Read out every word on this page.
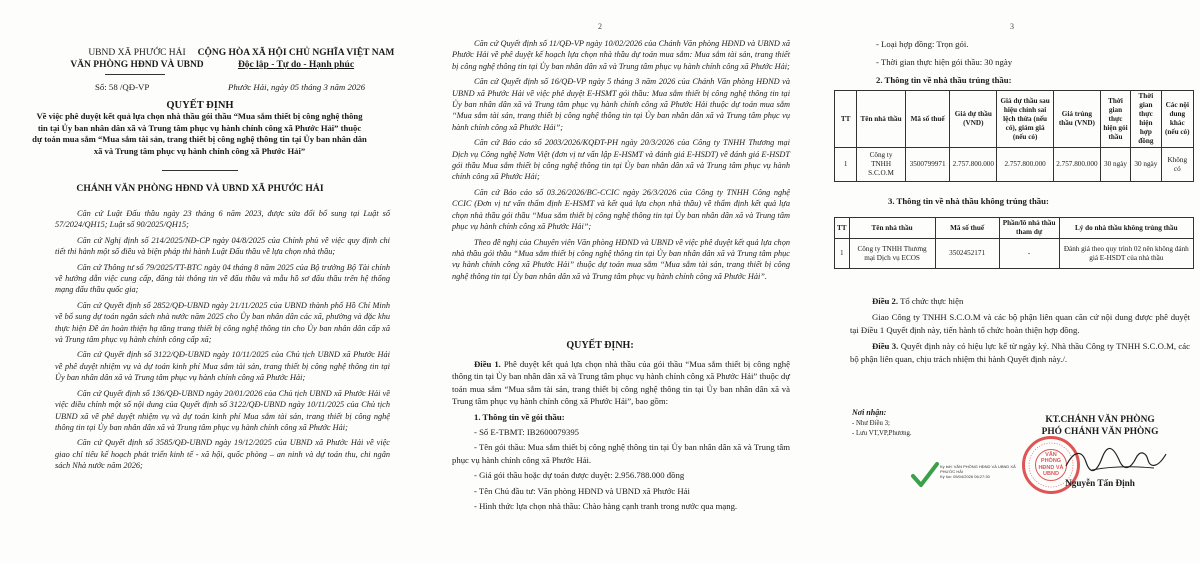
UBND XÃ PHƯỚC HẢI
VĂN PHÒNG HĐND VÀ UBND
CỘNG HÒA XÃ HỘI CHỦ NGHĨA VIỆT NAM
Độc lập - Tự do - Hạnh phúc
Số: 58 /QĐ-VP	Phước Hải, ngày 05 tháng 3 năm 2026
QUYẾT ĐỊNH
Về việc phê duyệt kết quả lựa chọn nhà thầu gói thầu “Mua sắm thiết bị công nghệ thông tin tại Ủy ban nhân dân xã và Trung tâm phục vụ hành chính công xã Phước Hải” thuộc dự toán mua sắm “Mua sắm tài sản, trang thiết bị công nghệ thông tin tại Ủy ban nhân dân xã và Trung tâm phục vụ hành chính công xã Phước Hải”
CHÁNH VĂN PHÒNG HĐND VÀ UBND XÃ PHƯỚC HẢI

Căn cứ Luật Đấu thầu ngày 23 tháng 6 năm 2023, được sửa đổi bổ sung tại Luật số 57/2024/QH15; Luật số 90/2025/QH15;

Căn cứ Nghị định số 214/2025/NĐ-CP ngày 04/8/2025 của Chính phủ về việc quy định chi tiết thi hành một số điều và biện pháp thi hành Luật Đấu thầu về lựa chọn nhà thầu;

Căn cứ Thông tư số 79/2025/TT-BTC ngày 04 tháng 8 năm 2025 của Bộ trưởng Bộ Tài chính về hướng dẫn việc cung cấp, đăng tải thông tin về đấu thầu và mẫu hồ sơ đấu thầu trên hệ thống mạng đấu thầu quốc gia;

Căn cứ Quyết định số 2852/QĐ-UBND ngày 21/11/2025 của UBND thành phố Hồ Chí Minh về bổ sung dự toán ngân sách nhà nước năm 2025 cho Ủy ban nhân dân các xã, phường và đặc khu thực hiện Đề án hoàn thiện hạ tầng trang thiết bị công nghệ thông tin cho Ủy ban nhân dân cấp xã và Trung tâm phục vụ hành chính công cấp xã;

Căn cứ Quyết định số 3122/QĐ-UBND ngày 10/11/2025 của Chủ tịch UBND xã Phước Hải về phê duyệt nhiệm vụ và dự toán kinh phí Mua sắm tài sản, trang thiết bị công nghệ thông tin tại Ủy ban nhân dân xã và Trung tâm phục vụ hành chính công xã Phước Hải;

Căn cứ Quyết định số 136/QĐ-UBND ngày 20/01/2026 của Chủ tịch UBND xã Phước Hải về việc điều chỉnh một số nội dung của Quyết định số 3122/QĐ-UBND ngày 10/11/2025 của Chủ tịch UBND xã về phê duyệt nhiệm vụ và dự toán kinh phí Mua sắm tài sản, trang thiết bị công nghệ thông tin tại Ủy ban nhân dân xã và Trung tâm phục vụ hành chính công xã Phước Hải;

Căn cứ Quyết định số 3585/QĐ-UBND ngày 19/12/2025 của UBND xã Phước Hải về việc giao chỉ tiêu kế hoạch phát triển kinh tế - xã hội, quốc phòng – an ninh và dự toán thu, chi ngân sách Nhà nước năm 2026;

2

Căn cứ Quyết định số 11/QĐ-VP ngày 10/02/2026 của Chánh Văn phòng HĐND và UBND xã Phước Hải về phê duyệt kế hoạch lựa chọn nhà thầu dự toán mua sắm: Mua sắm tài sản, trang thiết bị công nghệ thông tin tại Ủy ban nhân dân xã và Trung tâm phục vụ hành chính công xã Phước Hải;

Căn cứ Quyết định số 16/QĐ-VP ngày 5 tháng 3 năm 2026 của Chánh Văn phòng HĐND và UBND xã Phước Hải về việc phê duyệt E-HSMT gói thầu: Mua sắm thiết bị công nghệ thông tin tại Ủy ban nhân dân xã và Trung tâm phục vụ hành chính công xã Phước Hải thuộc dự toán mua sắm “Mua sắm tài sản, trang thiết bị công nghệ thông tin tại Ủy ban nhân dân xã và Trung tâm phục vụ hành chính công xã Phước Hải”;

Căn cứ Báo cáo số 2003/2026/KQĐT-PH ngày 20/3/2026 của Công ty TNHH Thương mại Dịch vụ Công nghệ Nơm Việt (đơn vị tư vấn lập E-HSMT và đánh giá E-HSDT) về đánh giá E-HSDT gói thầu Mua sắm thiết bị công nghệ thông tin tại Ủy ban nhân dân xã và Trung tâm phục vụ hành chính công xã Phước Hải;

Căn cứ Báo cáo số 03.26/2026/BC-CCIC ngày 26/3/2026 của Công ty TNHH Công nghệ CCIC (Đơn vị tư vấn thẩm định E-HSMT và kết quả lựa chọn nhà thầu) về thẩm định kết quả lựa chọn nhà thầu gói thầu “Mua sắm thiết bị công nghệ thông tin tại Ủy ban nhân dân xã và Trung tâm phục vụ hành chính công xã Phước Hải”;

Theo đề nghị của Chuyên viên Văn phòng HĐND và UBND về việc phê duyệt kết quả lựa chọn nhà thầu gói thầu “Mua sắm thiết bị công nghệ thông tin tại Ủy ban nhân dân xã và Trung tâm phục vụ hành chính công xã Phước Hải” thuộc dự toán mua sắm “Mua sắm tài sản, trang thiết bị công nghệ thông tin tại Ủy ban nhân dân xã và Trung tâm phục vụ hành chính công xã Phước Hải”.

QUYẾT ĐỊNH:

Điều 1. Phê duyệt kết quả lựa chọn nhà thầu của gói thầu “Mua sắm thiết bị công nghệ thông tin tại Ủy ban nhân dân xã và Trung tâm phục vụ hành chính công xã Phước Hải” thuộc dự toán mua sắm “Mua sắm tài sản, trang thiết bị công nghệ thông tin tại Ủy ban nhân dân xã và Trung tâm phục vụ hành chính công xã Phước Hải”, bao gồm:

1. Thông tin về gói thầu:

- Số E-TBMT: IB2600079395

- Tên gói thầu: Mua sắm thiết bị công nghệ thông tin tại Ủy ban nhân dân xã và Trung tâm phục vụ hành chính công xã Phước Hải.

- Giá gói thầu hoặc dự toán được duyệt: 2.956.788.000 đồng

- Tên Chủ đầu tư: Văn phòng HĐND và UBND xã Phước Hải

- Hình thức lựa chọn nhà thầu: Chào hàng cạnh tranh trong nước qua mạng.

3

- Loại hợp đồng: Trọn gói.

- Thời gian thực hiện gói thầu: 30 ngày

2. Thông tin về nhà thầu trúng thầu:

TT	Tên nhà thầu	Mã số thuế	Giá dự thầu (VND)	Giá dự thầu sau hiệu chỉnh sai lệch thừa (nếu có), giảm giá (nếu có)	Giá trúng thầu (VND)	Thời gian thực hiện gói thầu	Thời gian thực hiện hợp đồng	Các nội dung khác (nếu có)
1	Công ty TNHH S.C.O.M	3500799971	2.757.800.000	2.757.800.000	2.757.800.000	30 ngày	30 ngày	Không có
3. Thông tin về nhà thầu không trúng thầu:
TT	Tên nhà thầu	Mã số thuế	Phần/lô nhà thầu tham dự	Lý do nhà thầu không trúng thầu
1	Công ty TNHH Thương mại Dịch vụ ECOS	3502452171	-	Đánh giá theo quy trình 02 nên không đánh giá E-HSDT của nhà thầu

Điều 2. Tổ chức thực hiện

Giao Công ty TNHH S.C.O.M và các bộ phận liên quan căn cứ nội dung được phê duyệt tại Điều 1 Quyết định này, tiến hành tổ chức hoàn thiện hợp đồng.

Điều 3. Quyết định này có hiệu lực kể từ ngày ký. Nhà thầu Công ty TNHH S.C.O.M, các bộ phận liên quan, chịu trách nhiệm thi hành Quyết định này./.

Nơi nhận:
- Như Điều 3;
- Lưu VT,VP,Phương.
KT.CHÁNH VĂN PHÒNG
PHÓ CHÁNH VĂN PHÒNG
VĂN PHÒNG HĐND VÀ UBND
Ký bởi: VĂN PHÒNG HĐND VÀ UBND XÃ
PHƯỚC HẢI
Ký lúc: 05/04/2026 06:27:30
Nguyễn Tấn Định
